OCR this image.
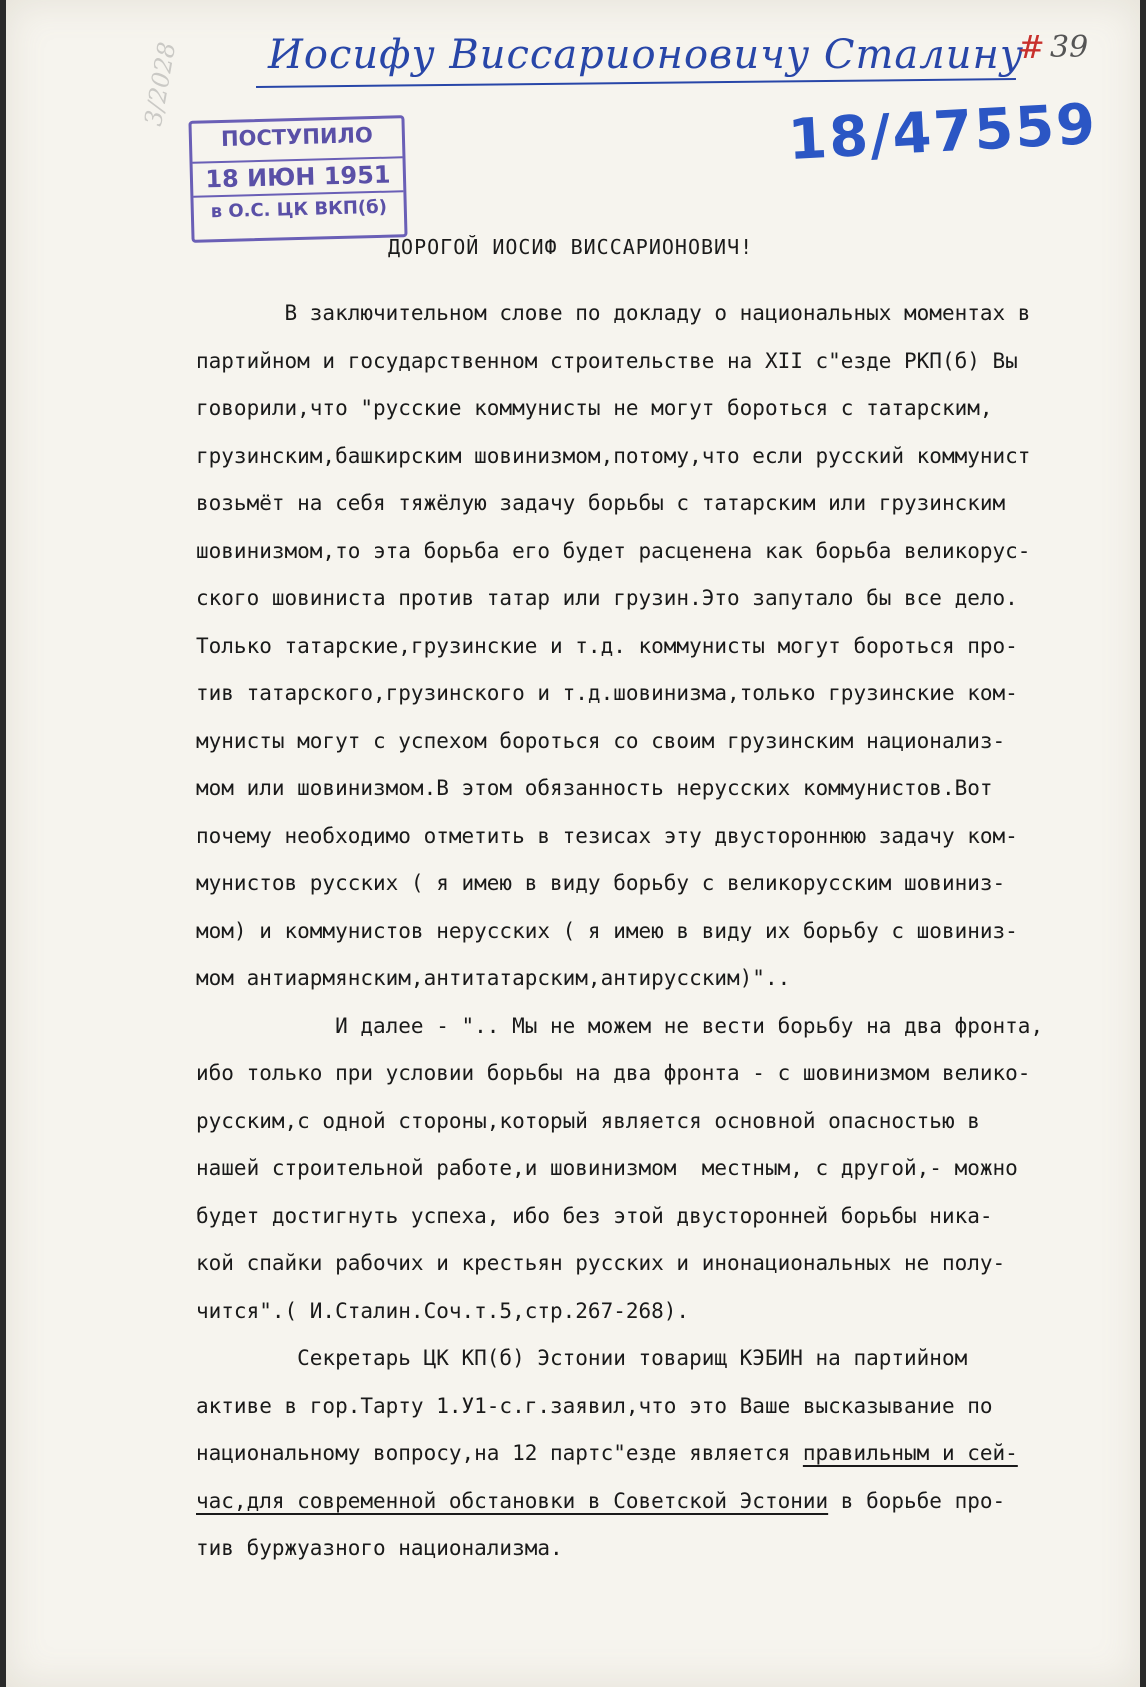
3/2028 Иосифу Виссарионовичу Сталину
# 39
18/47559
ПОСТУПИЛО
18 ИЮН 1951
в О.С. ЦК ВКП(б)
ДОРОГОЙ ИОСИФ ВИССАРИОНОВИЧ!
В заключительном слове по докладу о национальных моментах в
партийном и государственном строительстве на XII с"езде РКП(б) Вы
говорили,что "русские коммунисты не могут бороться с татарским,
грузинским,башкирским шовинизмом,потому,что если русский коммунист
возьмёт на себя тяжёлую задачу борьбы с татарским или грузинским
шовинизмом,то эта борьба его будет расценена как борьба великорус-
ского шовиниста против татар или грузин.Это запутало бы все дело.
Только татарские,грузинские и т.д. коммунисты могут бороться про-
тив татарского,грузинского и т.д.шовинизма,только грузинские ком-
мунисты могут с успехом бороться со своим грузинским национализ-
мом или шовинизмом.В этом обязанность нерусских коммунистов.Вот
почему необходимо отметить в тезисах эту двустороннюю задачу ком-
мунистов русских ( я имею в виду борьбу с великорусским шовиниз-
мом) и коммунистов нерусских ( я имею в виду их борьбу с шовиниз-
мом антиармянским,антитатарским,антирусским)"..
И далее - ".. Мы не можем не вести борьбу на два фронта,
ибо только при условии борьбы на два фронта - с шовинизмом велико-
русским,с одной стороны,который является основной опасностью в
нашей строительной работе,и шовинизмом  местным, с другой,- можно
будет достигнуть успеха, ибо без этой двусторонней борьбы ника-
кой спайки рабочих и крестьян русских и инонациональных не полу-
чится".( И.Сталин.Соч.т.5,стр.267-268).
Секретарь ЦК КП(б) Эстонии товарищ КЭБИН на партийном
активе в гор.Тарту 1.У1-с.г.заявил,что это Ваше высказывание по
национальному вопросу,на 12 партс"езде является правильным и сей-
час,для современной обстановки в Советской Эстонии в борьбе про-
тив буржуазного национализма.
